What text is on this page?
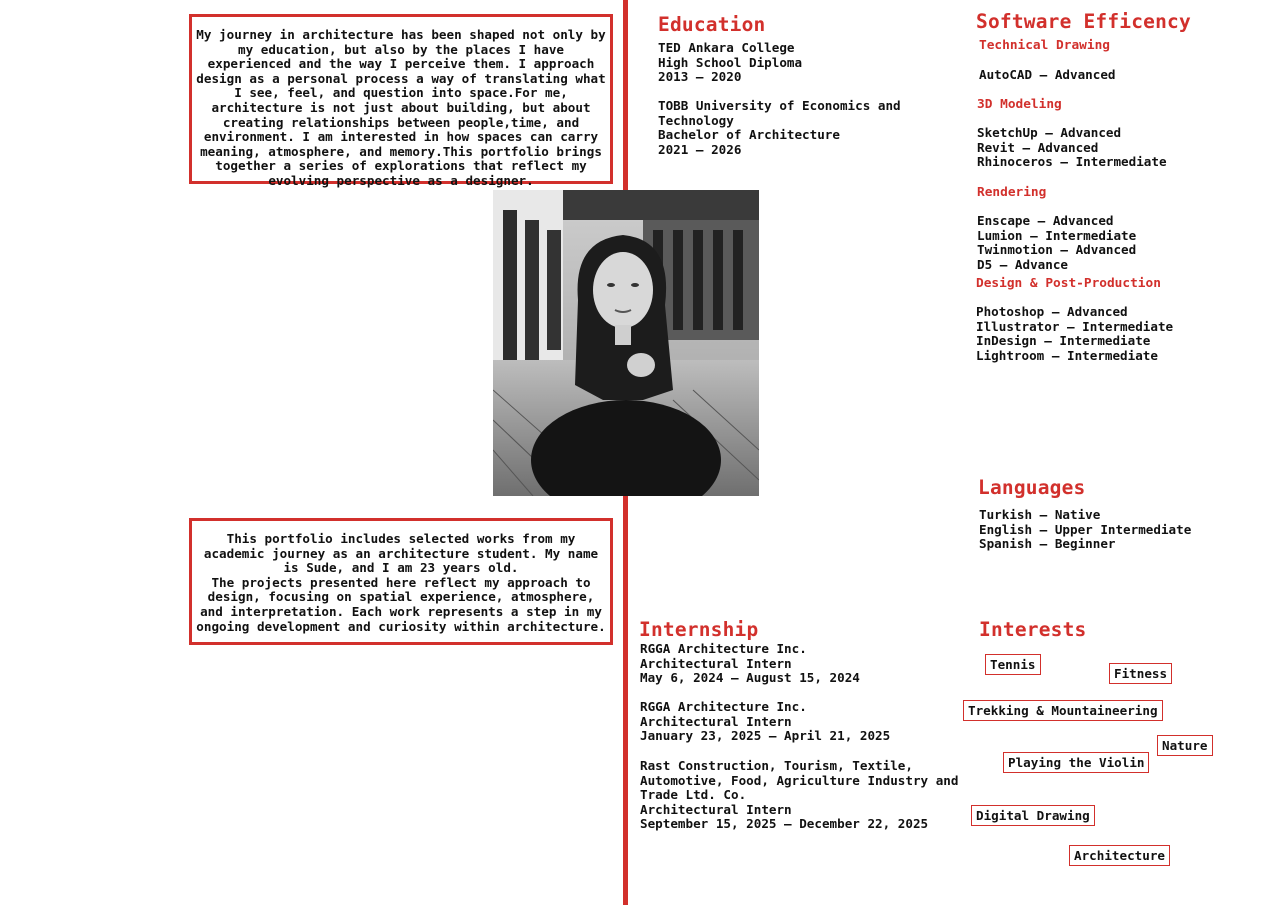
My journey in architecture has been shaped not only by my education, but also by the places I have experienced and the way I perceive them. I approach design as a personal process a way of translating what I see, feel, and question into space.For me, architecture is not just about building, but about creating relationships between people,time, and environment. I am interested in how spaces can carry meaning, atmosphere, and memory.This portfolio brings together a series of explorations that reflect my evolving perspective as a designer.
This portfolio includes selected works from my academic journey as an architecture student. My name is Sude, and I am 23 years old.
The projects presented here reflect my approach to design, focusing on spatial experience, atmosphere, and interpretation. Each work represents a step in my ongoing development and curiosity within architecture.
Education
TED Ankara College
High School Diploma
2013 – 2020
TOBB University of Economics and
Technology
Bachelor of Architecture
2021 – 2026
Software Efficency
Technical Drawing
AutoCAD – Advanced
3D Modeling
SketchUp – Advanced
Revit – Advanced
Rhinoceros – Intermediate
Rendering
Enscape – Advanced
Lumion – Intermediate
Twinmotion – Advanced
D5 – Advance
Design & Post-Production
Photoshop – Advanced
Illustrator – Intermediate
InDesign – Intermediate
Lightroom – Intermediate
Languages
Turkish – Native
English – Upper Intermediate
Spanish – Beginner
Internship
RGGA Architecture Inc.
Architectural Intern
May 6, 2024 – August 15, 2024
RGGA Architecture Inc.
Architectural Intern
January 23, 2025 – April 21, 2025
Rast Construction, Tourism, Textile,
Automotive, Food, Agriculture Industry and
Trade Ltd. Co.
Architectural Intern
September 15, 2025 – December 22, 2025
Interests
Tennis
Fitness
Trekking & Mountaineering
Nature
Playing the Violin
Digital Drawing
Architecture
